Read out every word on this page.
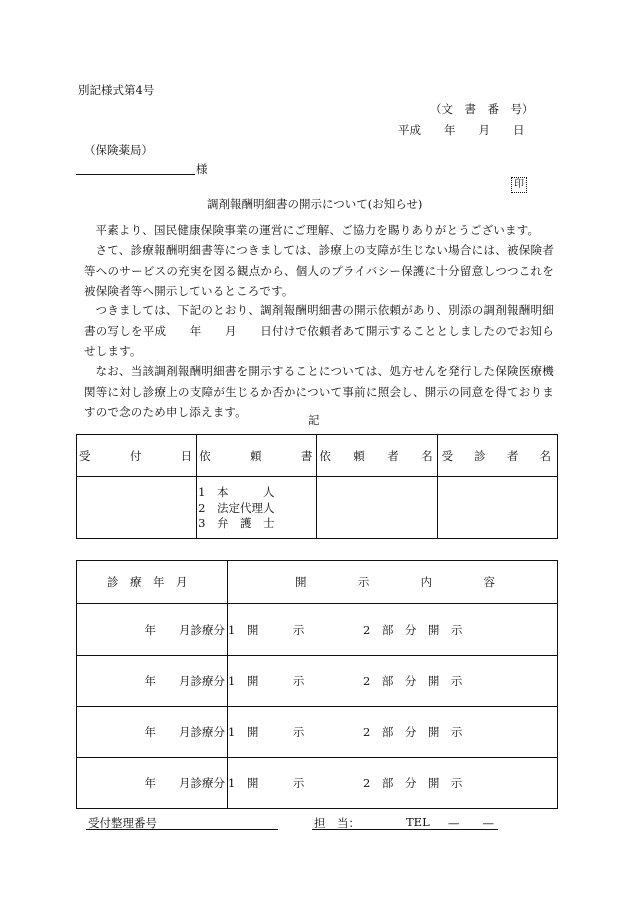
別記様式第4号
（文　書　番　号）
平成　　年　　月　　日
（保険薬局）
様
印
調剤報酬明細書の開示について(お知らせ)
平素より、国民健康保険事業の運営にご理解、ご協力を賜りありがとうございます。
さて、診療報酬明細書等につきましては、診療上の支障が生じない場合には、被保険者等へのサービスの充実を図る観点から、個人のプライバシー保護に十分留意しつつこれを被保険者等へ開示しているところです。
つきましては、下記のとおり、調剤報酬明細書の開示依頼があり、別添の調剤報酬明細書の写しを平成　　年　　月　　日付けで依頼者あて開示することとしましたのでお知らせします。
なお、当該調剤報酬明細書を開示することについては、処方せんを発行した保険医療機関等に対し診療上の支障が生じるか否かについて事前に照会し、開示の同意を得ておりますので念のため申し添えます。
記
受 付 日	依 頼 書	依 頼 者 名	受 診 者 名

	1　本　　　人
2　法定代理人
3　弁　護　士		

診　療　年　月	開 示 内 容

年　　月診療分	1　開　　　示 2　部　分　開　示
年　　月診療分	1　開　　　示 2　部　分　開　示
年　　月診療分	1　開　　　示 2　部　分　開　示
年　　月診療分	1　開　　　示 2　部　分　開　示
受付整理番号	担　当：	TEL —　　—
